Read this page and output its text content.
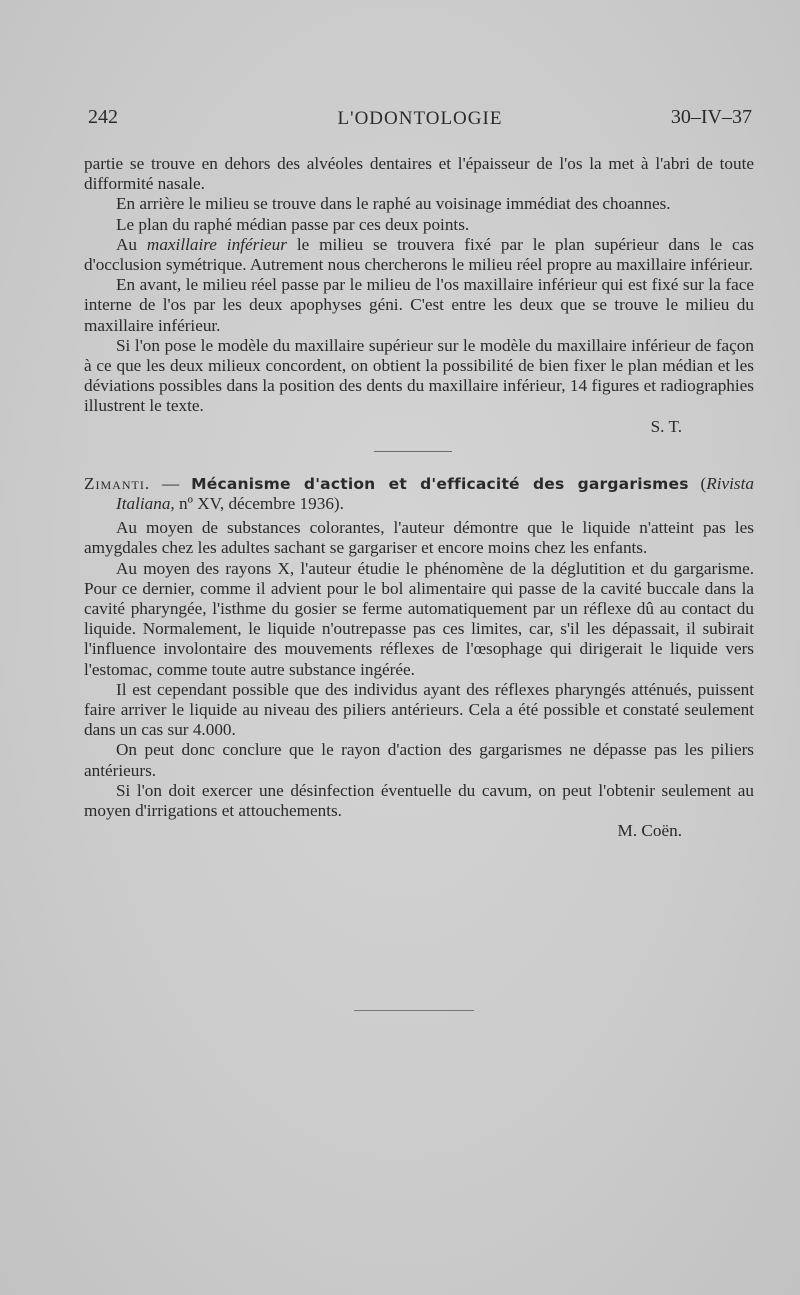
242	L'ODONTOLOGIE	30–IV–37

partie se trouve en dehors des alvéoles dentaires et l'épaisseur de l'os la met à l'abri de toute difformité nasale.

En arrière le milieu se trouve dans le raphé au voisinage immédiat des choannes.

Le plan du raphé médian passe par ces deux points.

Au maxillaire inférieur le milieu se trouvera fixé par le plan supérieur dans le cas d'occlusion symétrique. Autrement nous chercherons le milieu réel propre au maxillaire inférieur.

En avant, le milieu réel passe par le milieu de l'os maxillaire inférieur qui est fixé sur la face interne de l'os par les deux apophyses géni. C'est entre les deux que se trouve le milieu du maxillaire inférieur.

Si l'on pose le modèle du maxillaire supérieur sur le modèle du maxillaire inférieur de façon à ce que les deux milieux concordent, on obtient la possibilité de bien fixer le plan médian et les déviations possibles dans la position des dents du maxillaire inférieur, 14 figures et radiographies illustrent le texte.

S. T.

Zimanti. — Mécanisme d'action et d'efficacité des gargarismes (Rivista Italiana, nº XV, décembre 1936).

Au moyen de substances colorantes, l'auteur démontre que le liquide n'atteint pas les amygdales chez les adultes sachant se gargariser et encore moins chez les enfants.

Au moyen des rayons X, l'auteur étudie le phénomène de la déglutition et du gargarisme. Pour ce dernier, comme il advient pour le bol alimentaire qui passe de la cavité buccale dans la cavité pharyngée, l'isthme du gosier se ferme automatiquement par un réflexe dû au contact du liquide. Normalement, le liquide n'outrepasse pas ces limites, car, s'il les dépassait, il subirait l'influence involontaire des mouvements réflexes de l'œsophage qui dirigerait le liquide vers l'estomac, comme toute autre substance ingérée.

Il est cependant possible que des individus ayant des réflexes pharyngés atténués, puissent faire arriver le liquide au niveau des piliers antérieurs. Cela a été possible et constaté seulement dans un cas sur 4.000.

On peut donc conclure que le rayon d'action des gargarismes ne dépasse pas les piliers antérieurs.

Si l'on doit exercer une désinfection éventuelle du cavum, on peut l'obtenir seulement au moyen d'irrigations et attouchements.

M. Coën.
